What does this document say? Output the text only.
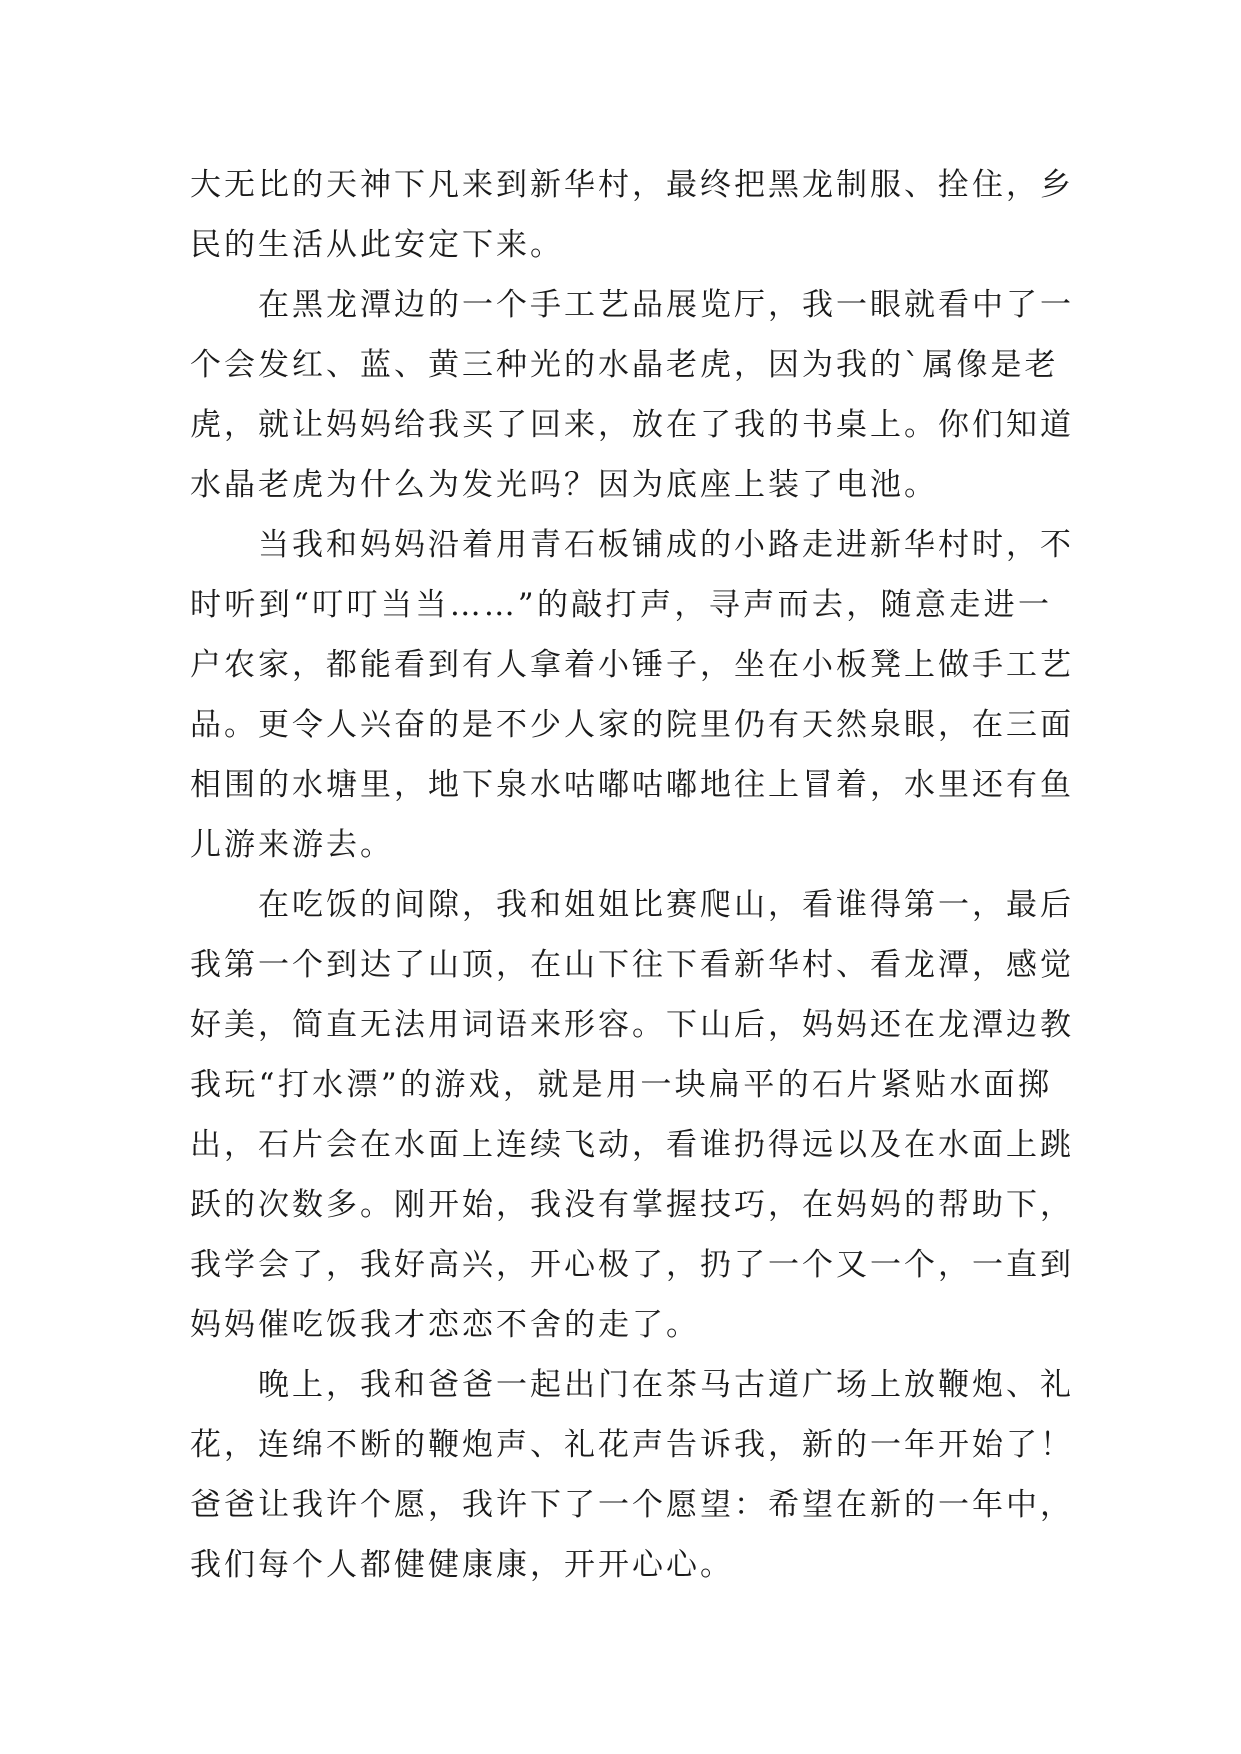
大无比的天神下凡来到新华村，最终把黑龙制服、拴住，乡
民的生活从此安定下来。
　　在黑龙潭边的一个手工艺品展览厅，我一眼就看中了一
个会发红、蓝、黄三种光的水晶老虎，因为我的`属像是老
虎，就让妈妈给我买了回来，放在了我的书桌上。你们知道
水晶老虎为什么为发光吗？因为底座上装了电池。
　　当我和妈妈沿着用青石板铺成的小路走进新华村时，不
时听到“叮叮当当……”的敲打声，寻声而去，随意走进一
户农家，都能看到有人拿着小锤子，坐在小板凳上做手工艺
品。更令人兴奋的是不少人家的院里仍有天然泉眼，在三面
相围的水塘里，地下泉水咕嘟咕嘟地往上冒着，水里还有鱼
儿游来游去。
　　在吃饭的间隙，我和姐姐比赛爬山，看谁得第一，最后
我第一个到达了山顶，在山下往下看新华村、看龙潭，感觉
好美，简直无法用词语来形容。下山后，妈妈还在龙潭边教
我玩“打水漂”的游戏，就是用一块扁平的石片紧贴水面掷
出，石片会在水面上连续飞动，看谁扔得远以及在水面上跳
跃的次数多。刚开始，我没有掌握技巧，在妈妈的帮助下，
我学会了，我好高兴，开心极了，扔了一个又一个，一直到
妈妈催吃饭我才恋恋不舍的走了。
　　晚上，我和爸爸一起出门在茶马古道广场上放鞭炮、礼
花，连绵不断的鞭炮声、礼花声告诉我，新的一年开始了！
爸爸让我许个愿，我许下了一个愿望：希望在新的一年中，
我们每个人都健健康康，开开心心。
